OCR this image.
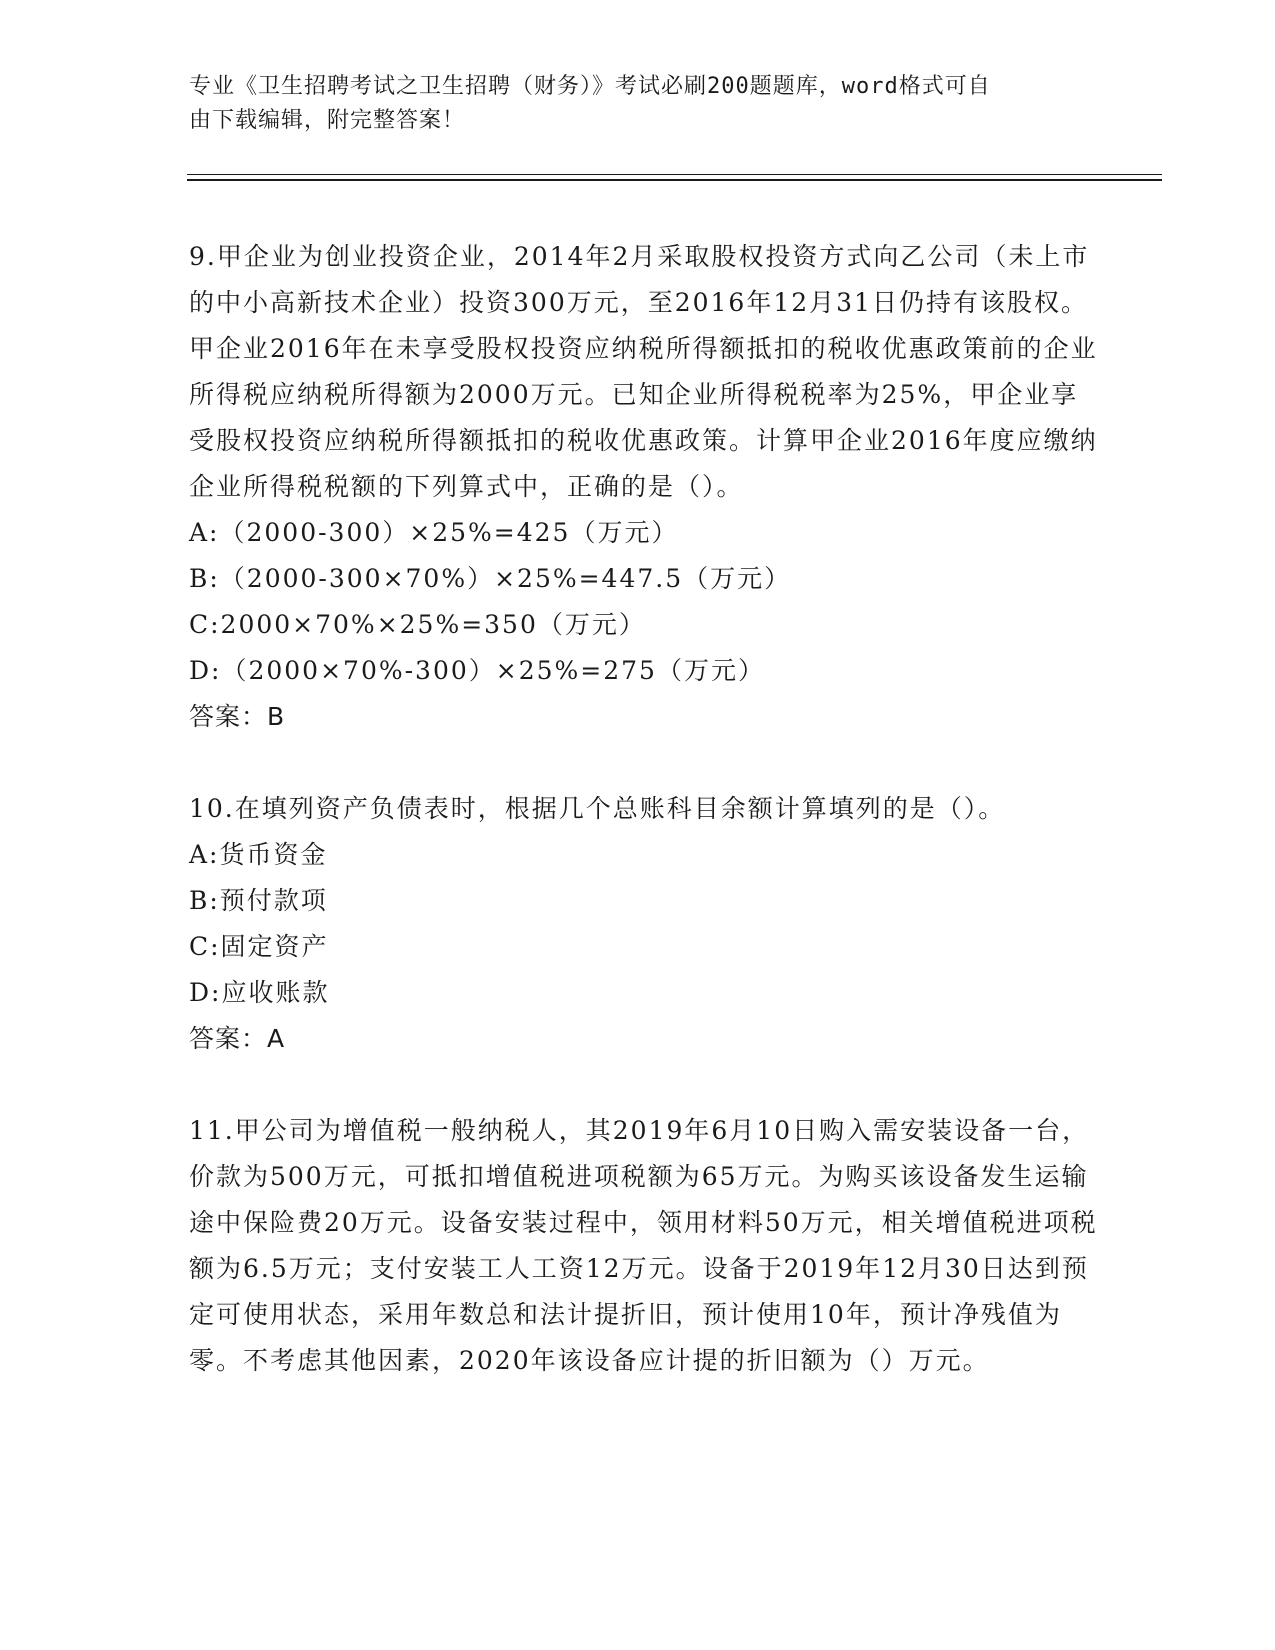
专业《卫生招聘考试之卫生招聘（财务）》考试必刷200题题库，word格式可自
由下载编辑，附完整答案！

9.甲企业为创业投资企业，2014年2月采取股权投资方式向乙公司（未上市的中小高新技术企业）投资300万元，至2016年12月31日仍持有该股权。甲企业2016年在未享受股权投资应纳税所得额抵扣的税收优惠政策前的企业所得税应纳税所得额为2000万元。已知企业所得税税率为25%，甲企业享受股权投资应纳税所得额抵扣的税收优惠政策。计算甲企业2016年度应缴纳企业所得税税额的下列算式中，正确的是（）。

A:（2000-300）×25%=425（万元）

B:（2000-300×70%）×25%=447.5（万元）

C:2000×70%×25%=350（万元）

D:（2000×70%-300）×25%=275（万元）

答案：B

10.在填列资产负债表时，根据几个总账科目余额计算填列的是（）。

A:货币资金

B:预付款项

C:固定资产

D:应收账款

答案：A

11.甲公司为增值税一般纳税人，其2019年6月10日购入需安装设备一台，价款为500万元，可抵扣增值税进项税额为65万元。为购买该设备发生运输途中保险费20万元。设备安装过程中，领用材料50万元，相关增值税进项税额为6.5万元；支付安装工人工资12万元。设备于2019年12月30日达到预定可使用状态，采用年数总和法计提折旧，预计使用10年，预计净残值为零。不考虑其他因素，2020年该设备应计提的折旧额为（）万元。
